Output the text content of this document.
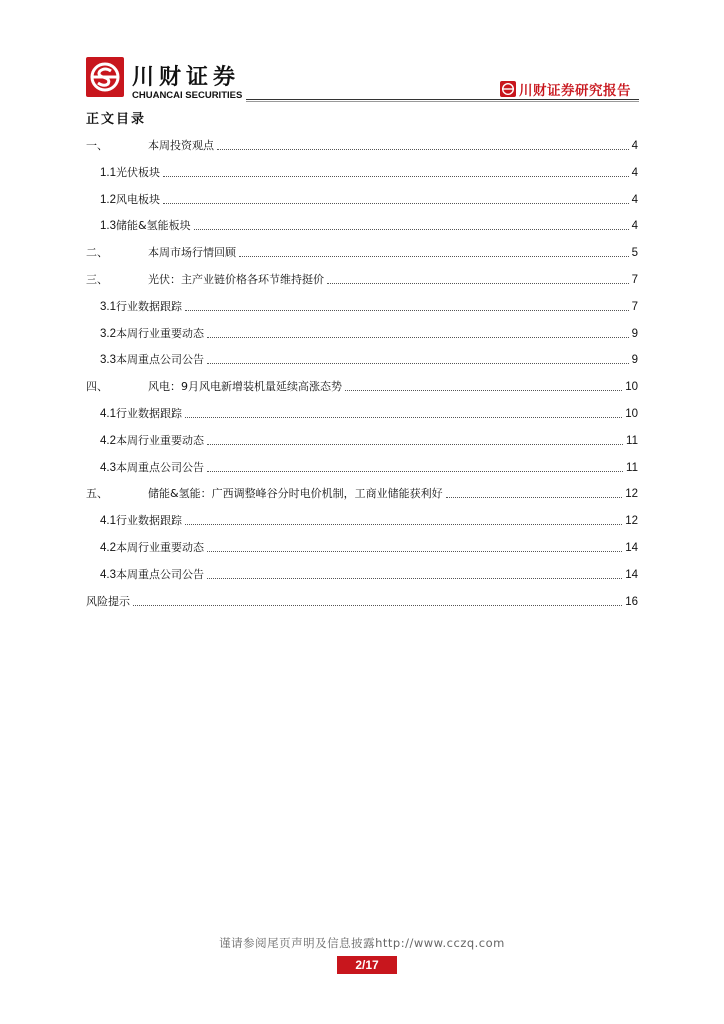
川财证券
CHUANCAI SECURITIES	川财证券研究报告
正文目录
一、	本周投资观点	4
1.1光伏板块	4
1.2风电板块	4
1.3储能&氢能板块	4
二、	本周市场行情回顾	5
三、	光伏：主产业链价格各环节维持挺价	7
3.1行业数据跟踪	7
3.2本周行业重要动态	9
3.3本周重点公司公告	9
四、	风电：9月风电新增装机量延续高涨态势	10
4.1行业数据跟踪	10
4.2本周行业重要动态	11
4.3本周重点公司公告	11
五、	储能&氢能：广西调整峰谷分时电价机制，工商业储能获利好	12
4.1行业数据跟踪	12
4.2本周行业重要动态	14
4.3本周重点公司公告	14
风险提示	16
谨请参阅尾页声明及信息披露http://www.cczq.com
2/17
